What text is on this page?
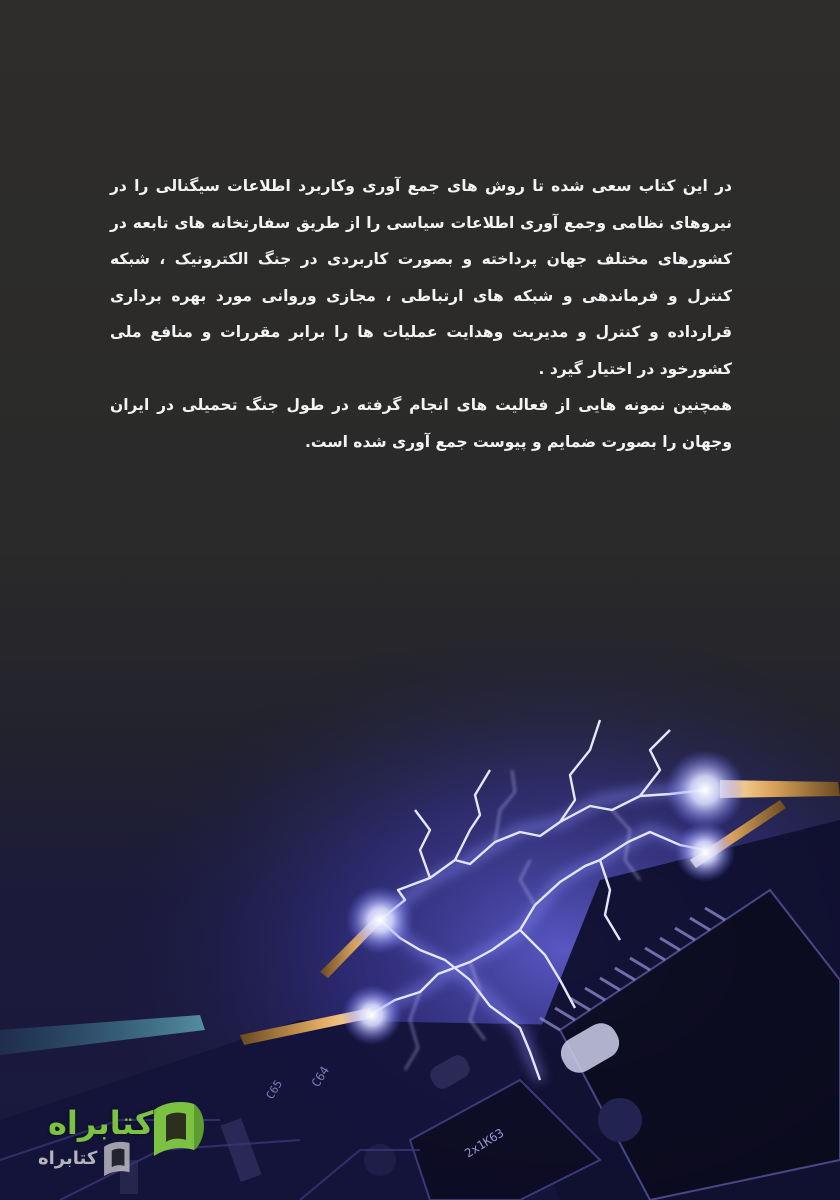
در این کتاب سعی شده تا روش های جمع آوری وکاربرد اطلاعات سیگنالی را در نیروهای نظامی وجمع آوری اطلاعات سیاسی را از طریق سفارتخانه های تابعه در کشورهای مختلف جهان پرداخته و بصورت کاربردی در جنگ الکترونیک ، شبکه کنترل و فرماندهی و شبکه های ارتباطی ، مجازی وروانی مورد بهره برداری قرارداده و کنترل و مدیریت وهدایت عملیات ها را برابر مقررات و منافع ملی کشورخود در اختیار گیرد .

همچنین نمونه هایی از فعالیت های انجام گرفته در طول جنگ تحمیلی در ایران وجهان را بصورت ضمایم و پیوست جمع آوری شده است.

2x1K63
C64
C65
کتابراه
کتابراه
